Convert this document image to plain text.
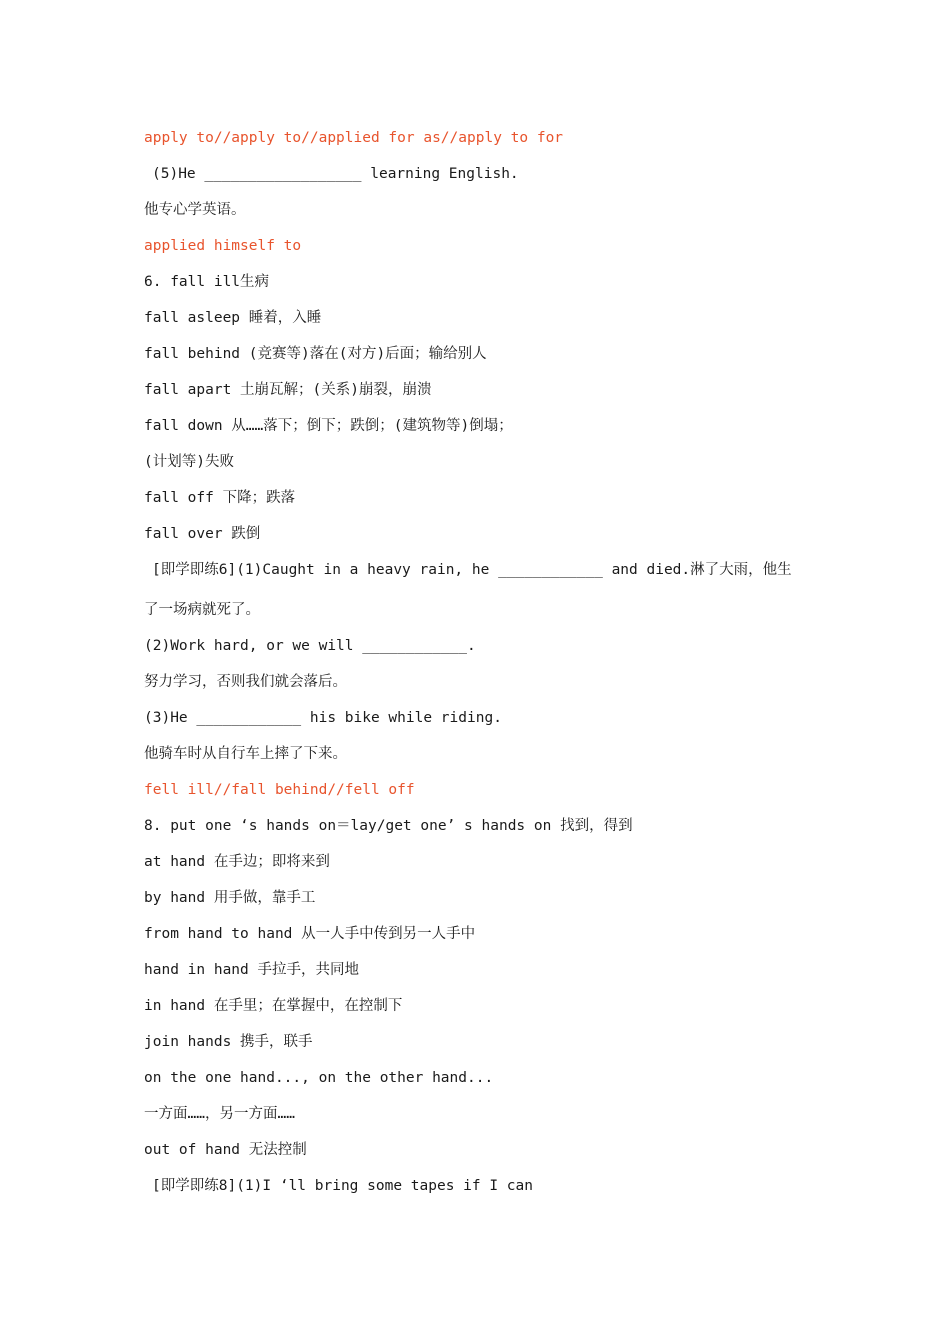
apply to//apply to//applied for as//apply to for
(5)He __________________ learning English.
他专心学英语。
applied himself to
6. fall ill生病
fall asleep 睡着，入睡
fall behind (竞赛等)落在(对方)后面；输给别人
fall apart 土崩瓦解；(关系)崩裂，崩溃
fall down 从……落下；倒下；跌倒；(建筑物等)倒塌；
(计划等)失败
fall off 下降；跌落
fall over 跌倒
[即学即练6](1)Caught in a heavy rain, he ____________ and died.淋了大雨，他生
了一场病就死了。
(2)Work hard, or we will ____________.
努力学习，否则我们就会落后。
(3)He ____________ his bike while riding.
他骑车时从自行车上摔了下来。
fell ill//fall behind//fell off
8. put one ‘s hands on＝lay/get one’ s hands on 找到，得到
at hand 在手边；即将来到
by hand 用手做，靠手工
from hand to hand 从一人手中传到另一人手中
hand in hand 手拉手，共同地
in hand 在手里；在掌握中，在控制下
join hands 携手，联手
on the one hand..., on the other hand...
一方面……，另一方面……
out of hand 无法控制
[即学即练8](1)I ‘ll bring some tapes if I can
